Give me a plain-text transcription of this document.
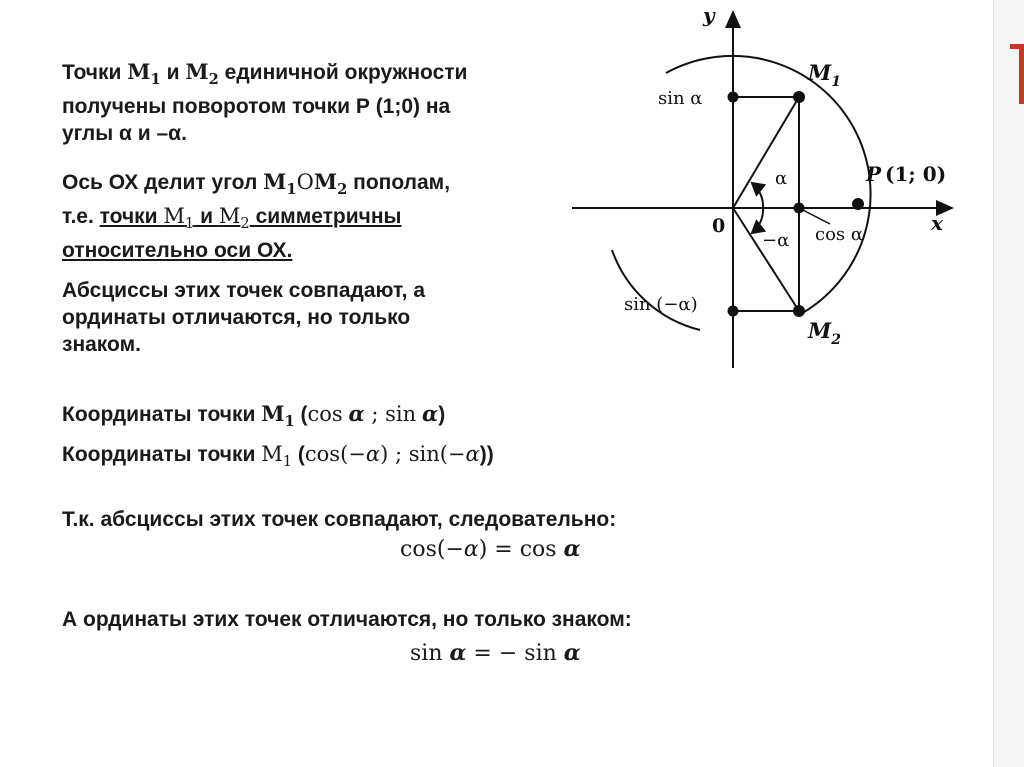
Точки $M_1$ и $M_2$ единичной окружности
получены поворотом точки Р (1;0) на
углы α и –α.
Ось ОХ делит угол $M_1OM_2$ пополам,
т.е. точки $M_1$ и $M_2$ симметричны
относительно оси ОХ.
Абсциссы этих точек совпадают, а
ординаты отличаются, но только
знаком.
Координаты точки $M_1$ (cos α ; sin α)
Координаты точки $M_1$ (cos(−α) ; sin(−α))
Т.к. абсциссы этих точек совпадают, следовательно:
cos(−α) = cos α
А ординаты этих точек отличаются, но только знаком:
sin α = − sin α
y
x
0
$M_1$
$M_2$
P (1; 0)
sin α
sin (−α)
cos α
α
−α
